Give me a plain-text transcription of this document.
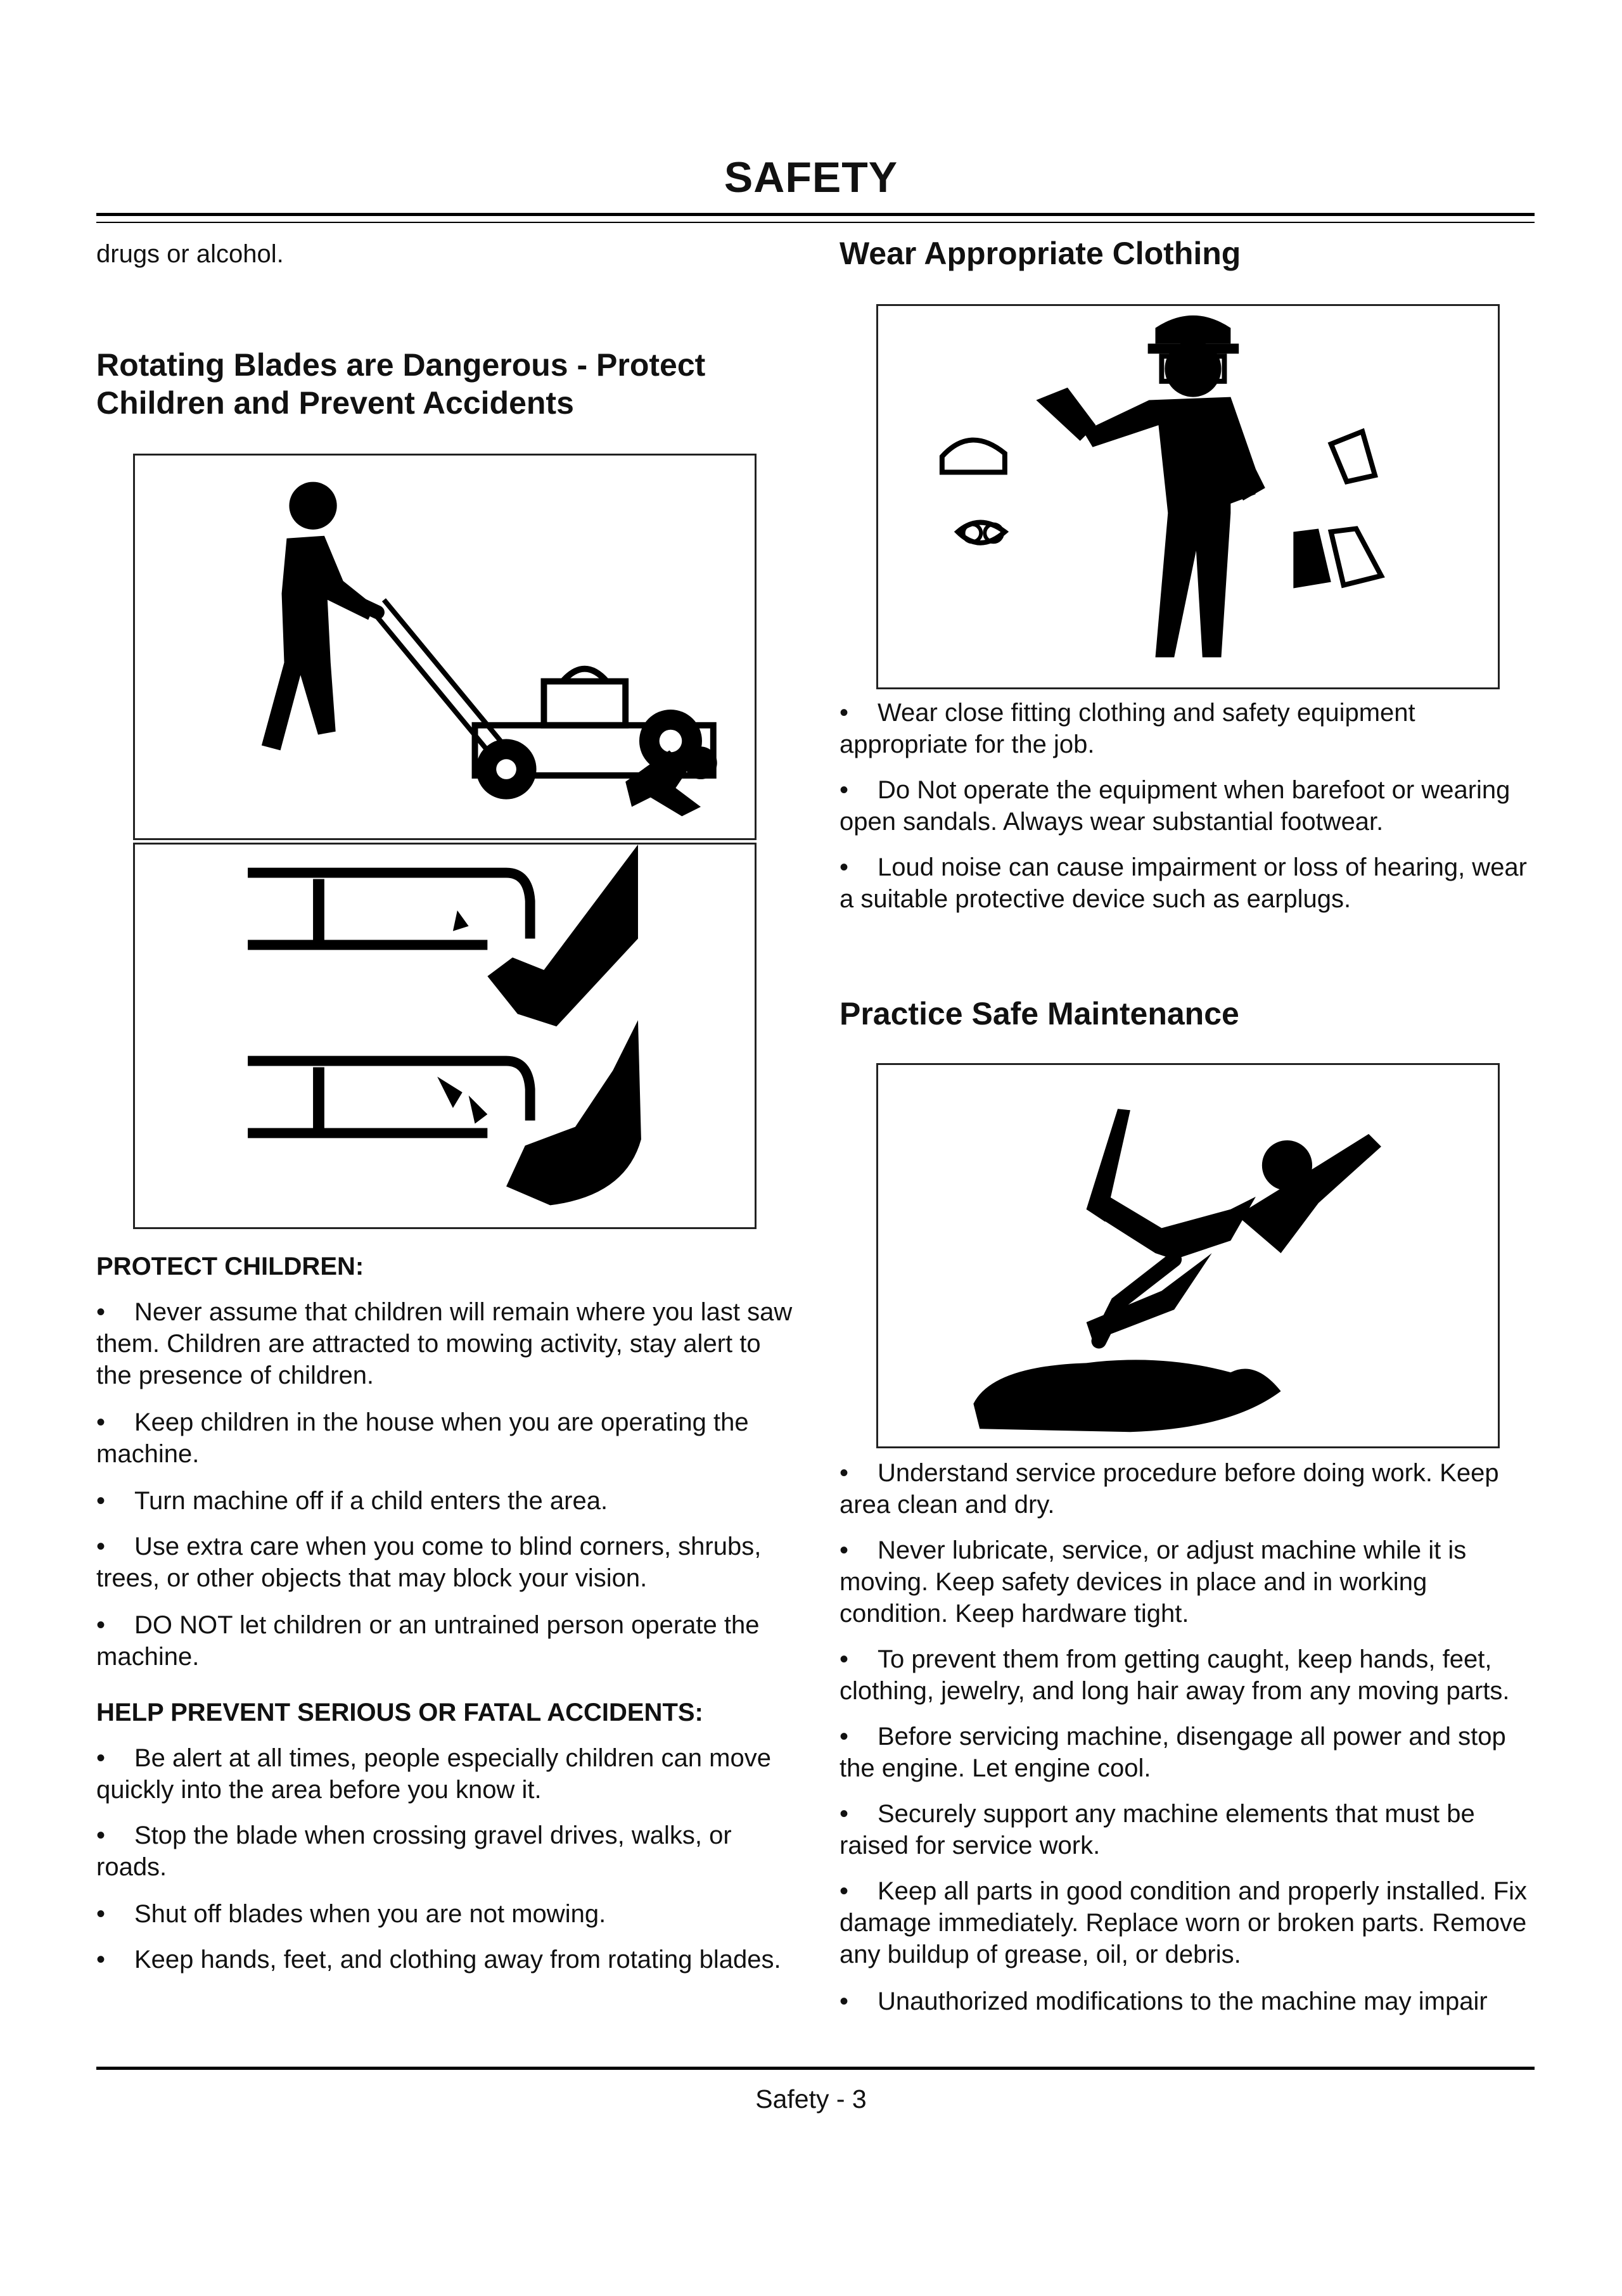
SAFETY

drugs or alcohol.

Rotating Blades are Dangerous - Protect
Children and Prevent Accidents

PROTECT CHILDREN:

• Never assume that children will remain where you last saw them. Children are attracted to mowing activity, stay alert to the presence of children.

• Keep children in the house when you are operating the machine.

• Turn machine off if a child enters the area.

• Use extra care when you come to blind corners, shrubs, trees, or other objects that may block your vision.

• DO NOT let children or an untrained person operate the machine.

HELP PREVENT SERIOUS OR FATAL ACCIDENTS:

• Be alert at all times, people especially children can move quickly into the area before you know it.

• Stop the blade when crossing gravel drives, walks, or roads.

• Shut off blades when you are not mowing.

• Keep hands, feet, and clothing away from rotating blades.

Wear Appropriate Clothing

• Wear close fitting clothing and safety equipment appropriate for the job.

• Do Not operate the equipment when barefoot or wearing open sandals. Always wear substantial footwear.

• Loud noise can cause impairment or loss of hearing, wear a suitable protective device such as earplugs.

Practice Safe Maintenance

• Understand service procedure before doing work. Keep area clean and dry.

• Never lubricate, service, or adjust machine while it is moving. Keep safety devices in place and in working condition. Keep hardware tight.

• To prevent them from getting caught, keep hands, feet, clothing, jewelry, and long hair away from any moving parts.

• Before servicing machine, disengage all power and stop the engine. Let engine cool.

• Securely support any machine elements that must be raised for service work.

• Keep all parts in good condition and properly installed. Fix damage immediately. Replace worn or broken parts. Remove any buildup of grease, oil, or debris.

• Unauthorized modifications to the machine may impair

Safety - 3
